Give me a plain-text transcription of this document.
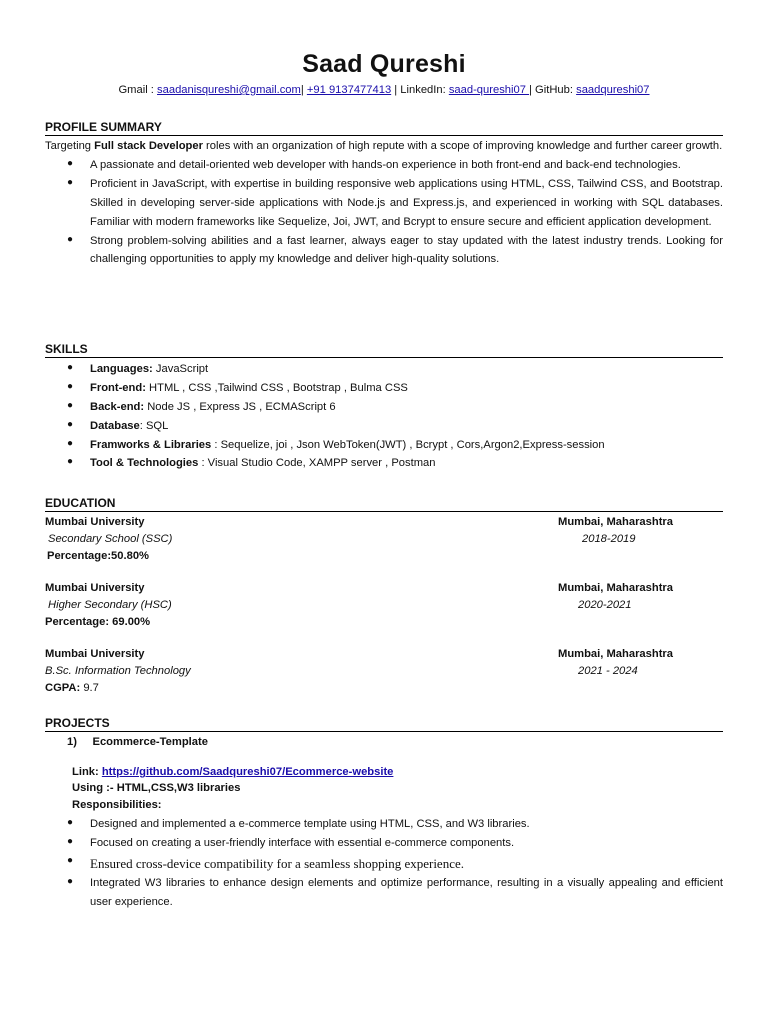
Saad Qureshi
Gmail : saadanisqureshi@gmail.com| +91 9137477413 | LinkedIn: saad-qureshi07 | GitHub: saadqureshi07
PROFILE SUMMARY
Targeting Full stack Developer roles with an organization of high repute with a scope of improving knowledge and further career growth.
● A passionate and detail-oriented web developer with hands-on experience in both front-end and back-end technologies.
● Proficient in JavaScript, with expertise in building responsive web applications using HTML, CSS, Tailwind CSS, and Bootstrap. Skilled in developing server-side applications with Node.js and Express.js, and experienced in working with SQL databases. Familiar with modern frameworks like Sequelize, Joi, JWT, and Bcrypt to ensure secure and efficient application development.
● Strong problem-solving abilities and a fast learner, always eager to stay updated with the latest industry trends. Looking for challenging opportunities to apply my knowledge and deliver high-quality solutions.
SKILLS
● Languages: JavaScript
● Front-end: HTML , CSS ,Tailwind CSS , Bootstrap , Bulma CSS
● Back-end: Node JS , Express JS , ECMAScript 6
● Database: SQL
● Framworks & Libraries : Sequelize, joi , Json WebToken(JWT) , Bcrypt , Cors,Argon2,Express-session
● Tool & Technologies : Visual Studio Code, XAMPP server , Postman
EDUCATION
Mumbai University	Mumbai, Maharashtra
Secondary School (SSC)	2018-2019
Percentage:50.80%
Mumbai University	Mumbai, Maharashtra
Higher Secondary (HSC)	2020-2021
Percentage: 69.00%
Mumbai University	Mumbai, Maharashtra
B.Sc. Information Technology	2021 - 2024
CGPA: 9.7
PROJECTS
1) Ecommerce-Template
Link: https://github.com/Saadqureshi07/Ecommerce-website
Using :- HTML,CSS,W3 libraries
Responsibilities:
● Designed and implemented a e-commerce template using HTML, CSS, and W3 libraries.
● Focused on creating a user-friendly interface with essential e-commerce components.
● Ensured cross-device compatibility for a seamless shopping experience.
● Integrated W3 libraries to enhance design elements and optimize performance, resulting in a visually appealing and efficient user experience.
